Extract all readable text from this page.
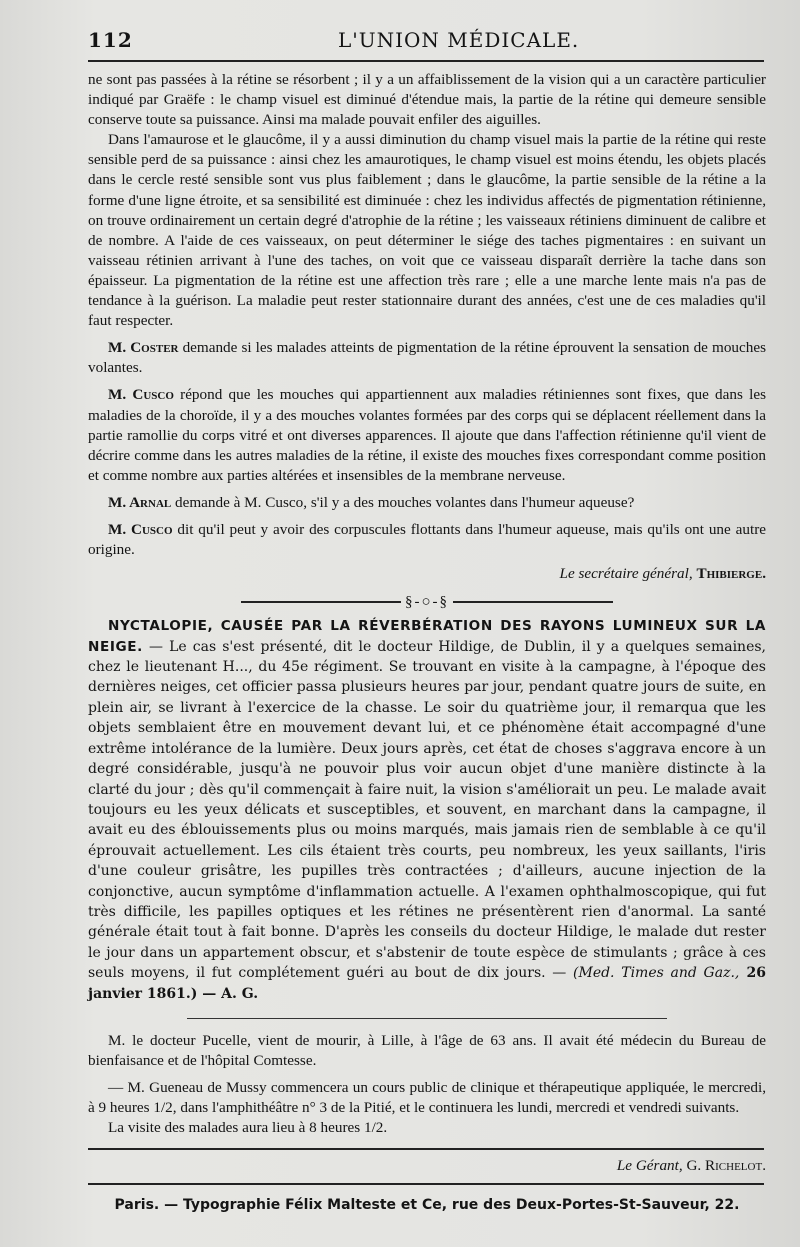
112	L'UNION MÉDICALE.

ne sont pas passées à la rétine se résorbent ; il y a un affaiblissement de la vision qui a un caractère particulier indiqué par Graëfe : le champ visuel est diminué d'étendue mais, la partie de la rétine qui demeure sensible conserve toute sa puissance. Ainsi ma malade pouvait enfiler des aiguilles.

Dans l'amaurose et le glaucôme, il y a aussi diminution du champ visuel mais la partie de la rétine qui reste sensible perd de sa puissance : ainsi chez les amaurotiques, le champ visuel est moins étendu, les objets placés dans le cercle resté sensible sont vus plus faiblement ; dans le glaucôme, la partie sensible de la rétine a la forme d'une ligne étroite, et sa sensibilité est diminuée : chez les individus affectés de pigmentation rétinienne, on trouve ordinairement un certain degré d'atrophie de la rétine ; les vaisseaux rétiniens diminuent de calibre et de nombre. A l'aide de ces vaisseaux, on peut déterminer le siége des taches pigmentaires : en suivant un vaisseau rétinien arrivant à l'une des taches, on voit que ce vaisseau disparaît derrière la tache dans son épaisseur. La pigmentation de la rétine est une affection très rare ; elle a une marche lente mais n'a pas de tendance à la guérison. La maladie peut rester stationnaire durant des années, c'est une de ces maladies qu'il faut respecter.

M. Coster demande si les malades atteints de pigmentation de la rétine éprouvent la sensation de mouches volantes.

M. Cusco répond que les mouches qui appartiennent aux maladies rétiniennes sont fixes, que dans les maladies de la choroïde, il y a des mouches volantes formées par des corps qui se déplacent réellement dans la partie ramollie du corps vitré et ont diverses apparences. Il ajoute que dans l'affection rétinienne qu'il vient de décrire comme dans les autres maladies de la rétine, il existe des mouches fixes correspondant comme position et comme nombre aux parties altérées et insensibles de la membrane nerveuse.

M. Arnal demande à M. Cusco, s'il y a des mouches volantes dans l'humeur aqueuse?

M. Cusco dit qu'il peut y avoir des corpuscules flottants dans l'humeur aqueuse, mais qu'ils ont une autre origine.

Le secrétaire général, Thibierge.

§-○-§

NYCTALOPIE, CAUSÉE PAR LA RÉVERBÉRATION DES RAYONS LUMINEUX SUR LA NEIGE. — Le cas s'est présenté, dit le docteur Hildige, de Dublin, il y a quelques semaines, chez le lieutenant H..., du 45e régiment. Se trouvant en visite à la campagne, à l'époque des dernières neiges, cet officier passa plusieurs heures par jour, pendant quatre jours de suite, en plein air, se livrant à l'exercice de la chasse. Le soir du quatrième jour, il remarqua que les objets semblaient être en mouvement devant lui, et ce phénomène était accompagné d'une extrême intolérance de la lumière. Deux jours après, cet état de choses s'aggrava encore à un degré considérable, jusqu'à ne pouvoir plus voir aucun objet d'une manière distincte à la clarté du jour ; dès qu'il commençait à faire nuit, la vision s'améliorait un peu. Le malade avait toujours eu les yeux délicats et susceptibles, et souvent, en marchant dans la campagne, il avait eu des éblouissements plus ou moins marqués, mais jamais rien de semblable à ce qu'il éprouvait actuellement. Les cils étaient très courts, peu nombreux, les yeux saillants, l'iris d'une couleur grisâtre, les pupilles très contractées ; d'ailleurs, aucune injection de la conjonctive, aucun symptôme d'inflammation actuelle. A l'examen ophthalmoscopique, qui fut très difficile, les papilles optiques et les rétines ne présentèrent rien d'anormal. La santé générale était tout à fait bonne. D'après les conseils du docteur Hildige, le malade dut rester le jour dans un appartement obscur, et s'abstenir de toute espèce de stimulants ; grâce à ces seuls moyens, il fut complétement guéri au bout de dix jours. — (Med. Times and Gaz., 26 janvier 1861.) — A. G.

M. le docteur Pucelle, vient de mourir, à Lille, à l'âge de 63 ans. Il avait été médecin du Bureau de bienfaisance et de l'hôpital Comtesse.

— M. Gueneau de Mussy commencera un cours public de clinique et thérapeutique appliquée, le mercredi, à 9 heures 1/2, dans l'amphithéâtre n° 3 de la Pitié, et le continuera les lundi, mercredi et vendredi suivants.

La visite des malades aura lieu à 8 heures 1/2.

Le Gérant, G. Richelot.

Paris. — Typographie Félix Malteste et Ce, rue des Deux-Portes-St-Sauveur, 22.
